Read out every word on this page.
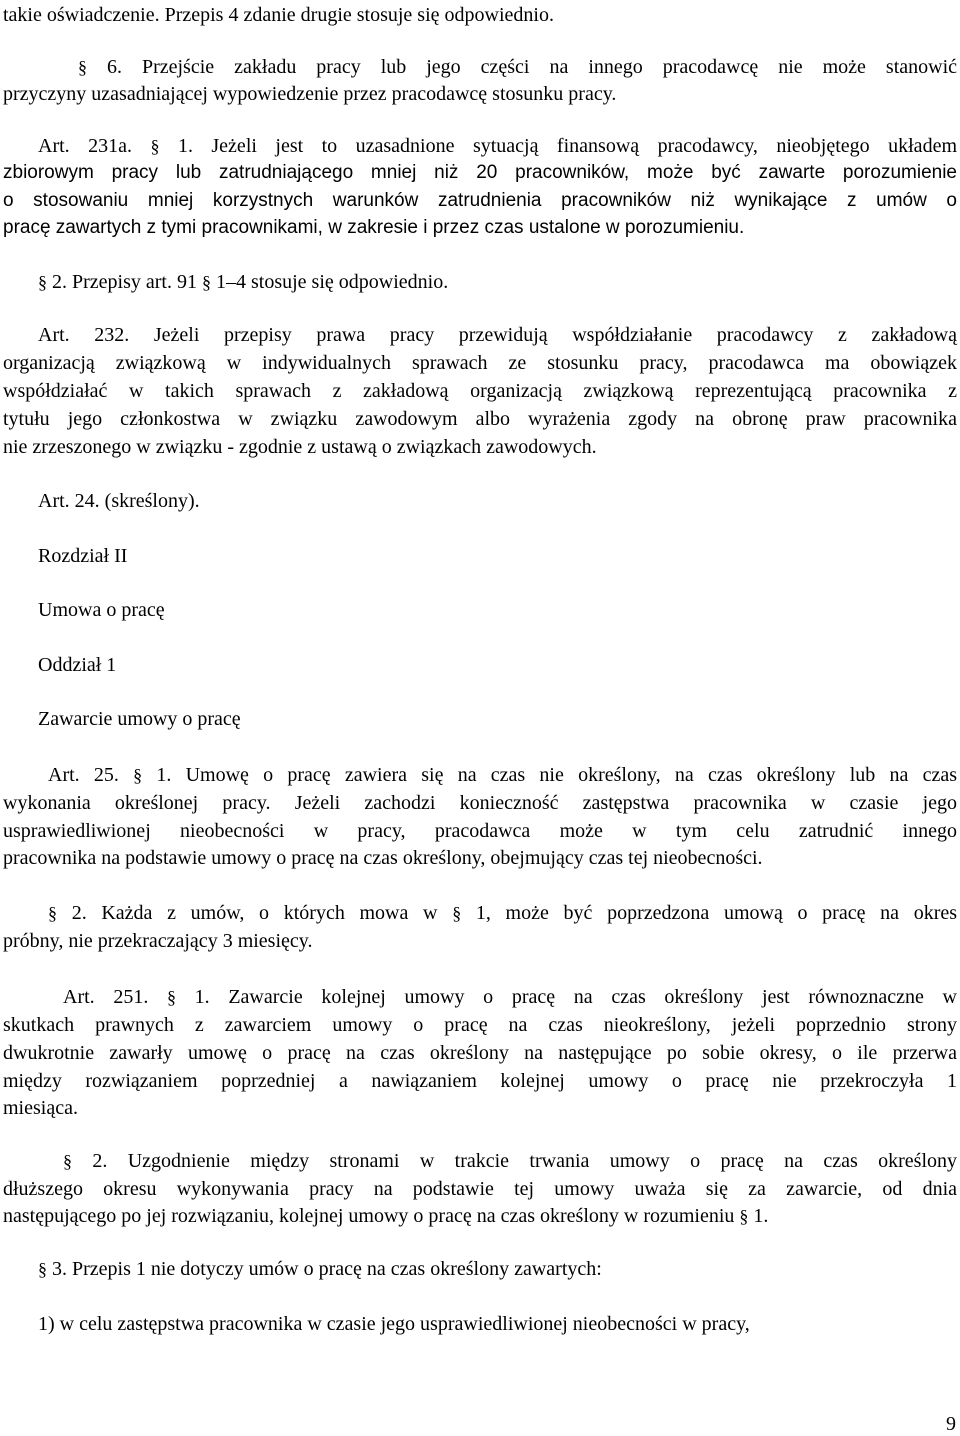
takie oświadczenie. Przepis 4 zdanie drugie stosuje się odpowiednio.

§ 6. Przejście zakładu pracy lub jego części na innego pracodawcę nie może stanowić

przyczyny uzasadniającej wypowiedzenie przez pracodawcę stosunku pracy.

Art. 231a. § 1. Jeżeli jest to uzasadnione sytuacją finansową pracodawcy, nieobjętego układem

zbiorowym pracy lub zatrudniającego mniej niż 20 pracowników, może być zawarte porozumienie

o stosowaniu mniej korzystnych warunków zatrudnienia pracowników niż wynikające z umów o

pracę zawartych z tymi pracownikami, w zakresie i przez czas ustalone w porozumieniu.

§ 2. Przepisy art. 91 § 1–4 stosuje się odpowiednio.

Art. 232. Jeżeli przepisy prawa pracy przewidują współdziałanie pracodawcy z zakładową

organizacją związkową w indywidualnych sprawach ze stosunku pracy, pracodawca ma obowiązek

współdziałać w takich sprawach z zakładową organizacją związkową reprezentującą pracownika z

tytułu jego członkostwa w związku zawodowym albo wyrażenia zgody na obronę praw pracownika

nie zrzeszonego w związku - zgodnie z ustawą o związkach zawodowych.

Art. 24. (skreślony).

Rozdział II

Umowa o pracę

Oddział 1

Zawarcie umowy o pracę

Art. 25. § 1. Umowę o pracę zawiera się na czas nie określony, na czas określony lub na czas

wykonania określonej pracy. Jeżeli zachodzi konieczność zastępstwa pracownika w czasie jego

usprawiedliwionej nieobecności w pracy, pracodawca może w tym celu zatrudnić innego

pracownika na podstawie umowy o pracę na czas określony, obejmujący czas tej nieobecności.

§ 2. Każda z umów, o których mowa w § 1, może być poprzedzona umową o pracę na okres

próbny, nie przekraczający 3 miesięcy.

Art. 251. § 1. Zawarcie kolejnej umowy o pracę na czas określony jest równoznaczne w

skutkach prawnych z zawarciem umowy o pracę na czas nieokreślony, jeżeli poprzednio strony

dwukrotnie zawarły umowę o pracę na czas określony na następujące po sobie okresy, o ile przerwa

między rozwiązaniem poprzedniej a nawiązaniem kolejnej umowy o pracę nie przekroczyła 1

miesiąca.

§ 2. Uzgodnienie między stronami w trakcie trwania umowy o pracę na czas określony

dłuższego okresu wykonywania pracy na podstawie tej umowy uważa się za zawarcie, od dnia

następującego po jej rozwiązaniu, kolejnej umowy o pracę na czas określony w rozumieniu § 1.

§ 3. Przepis 1 nie dotyczy umów o pracę na czas określony zawartych:

1) w celu zastępstwa pracownika w czasie jego usprawiedliwionej nieobecności w pracy,

9
